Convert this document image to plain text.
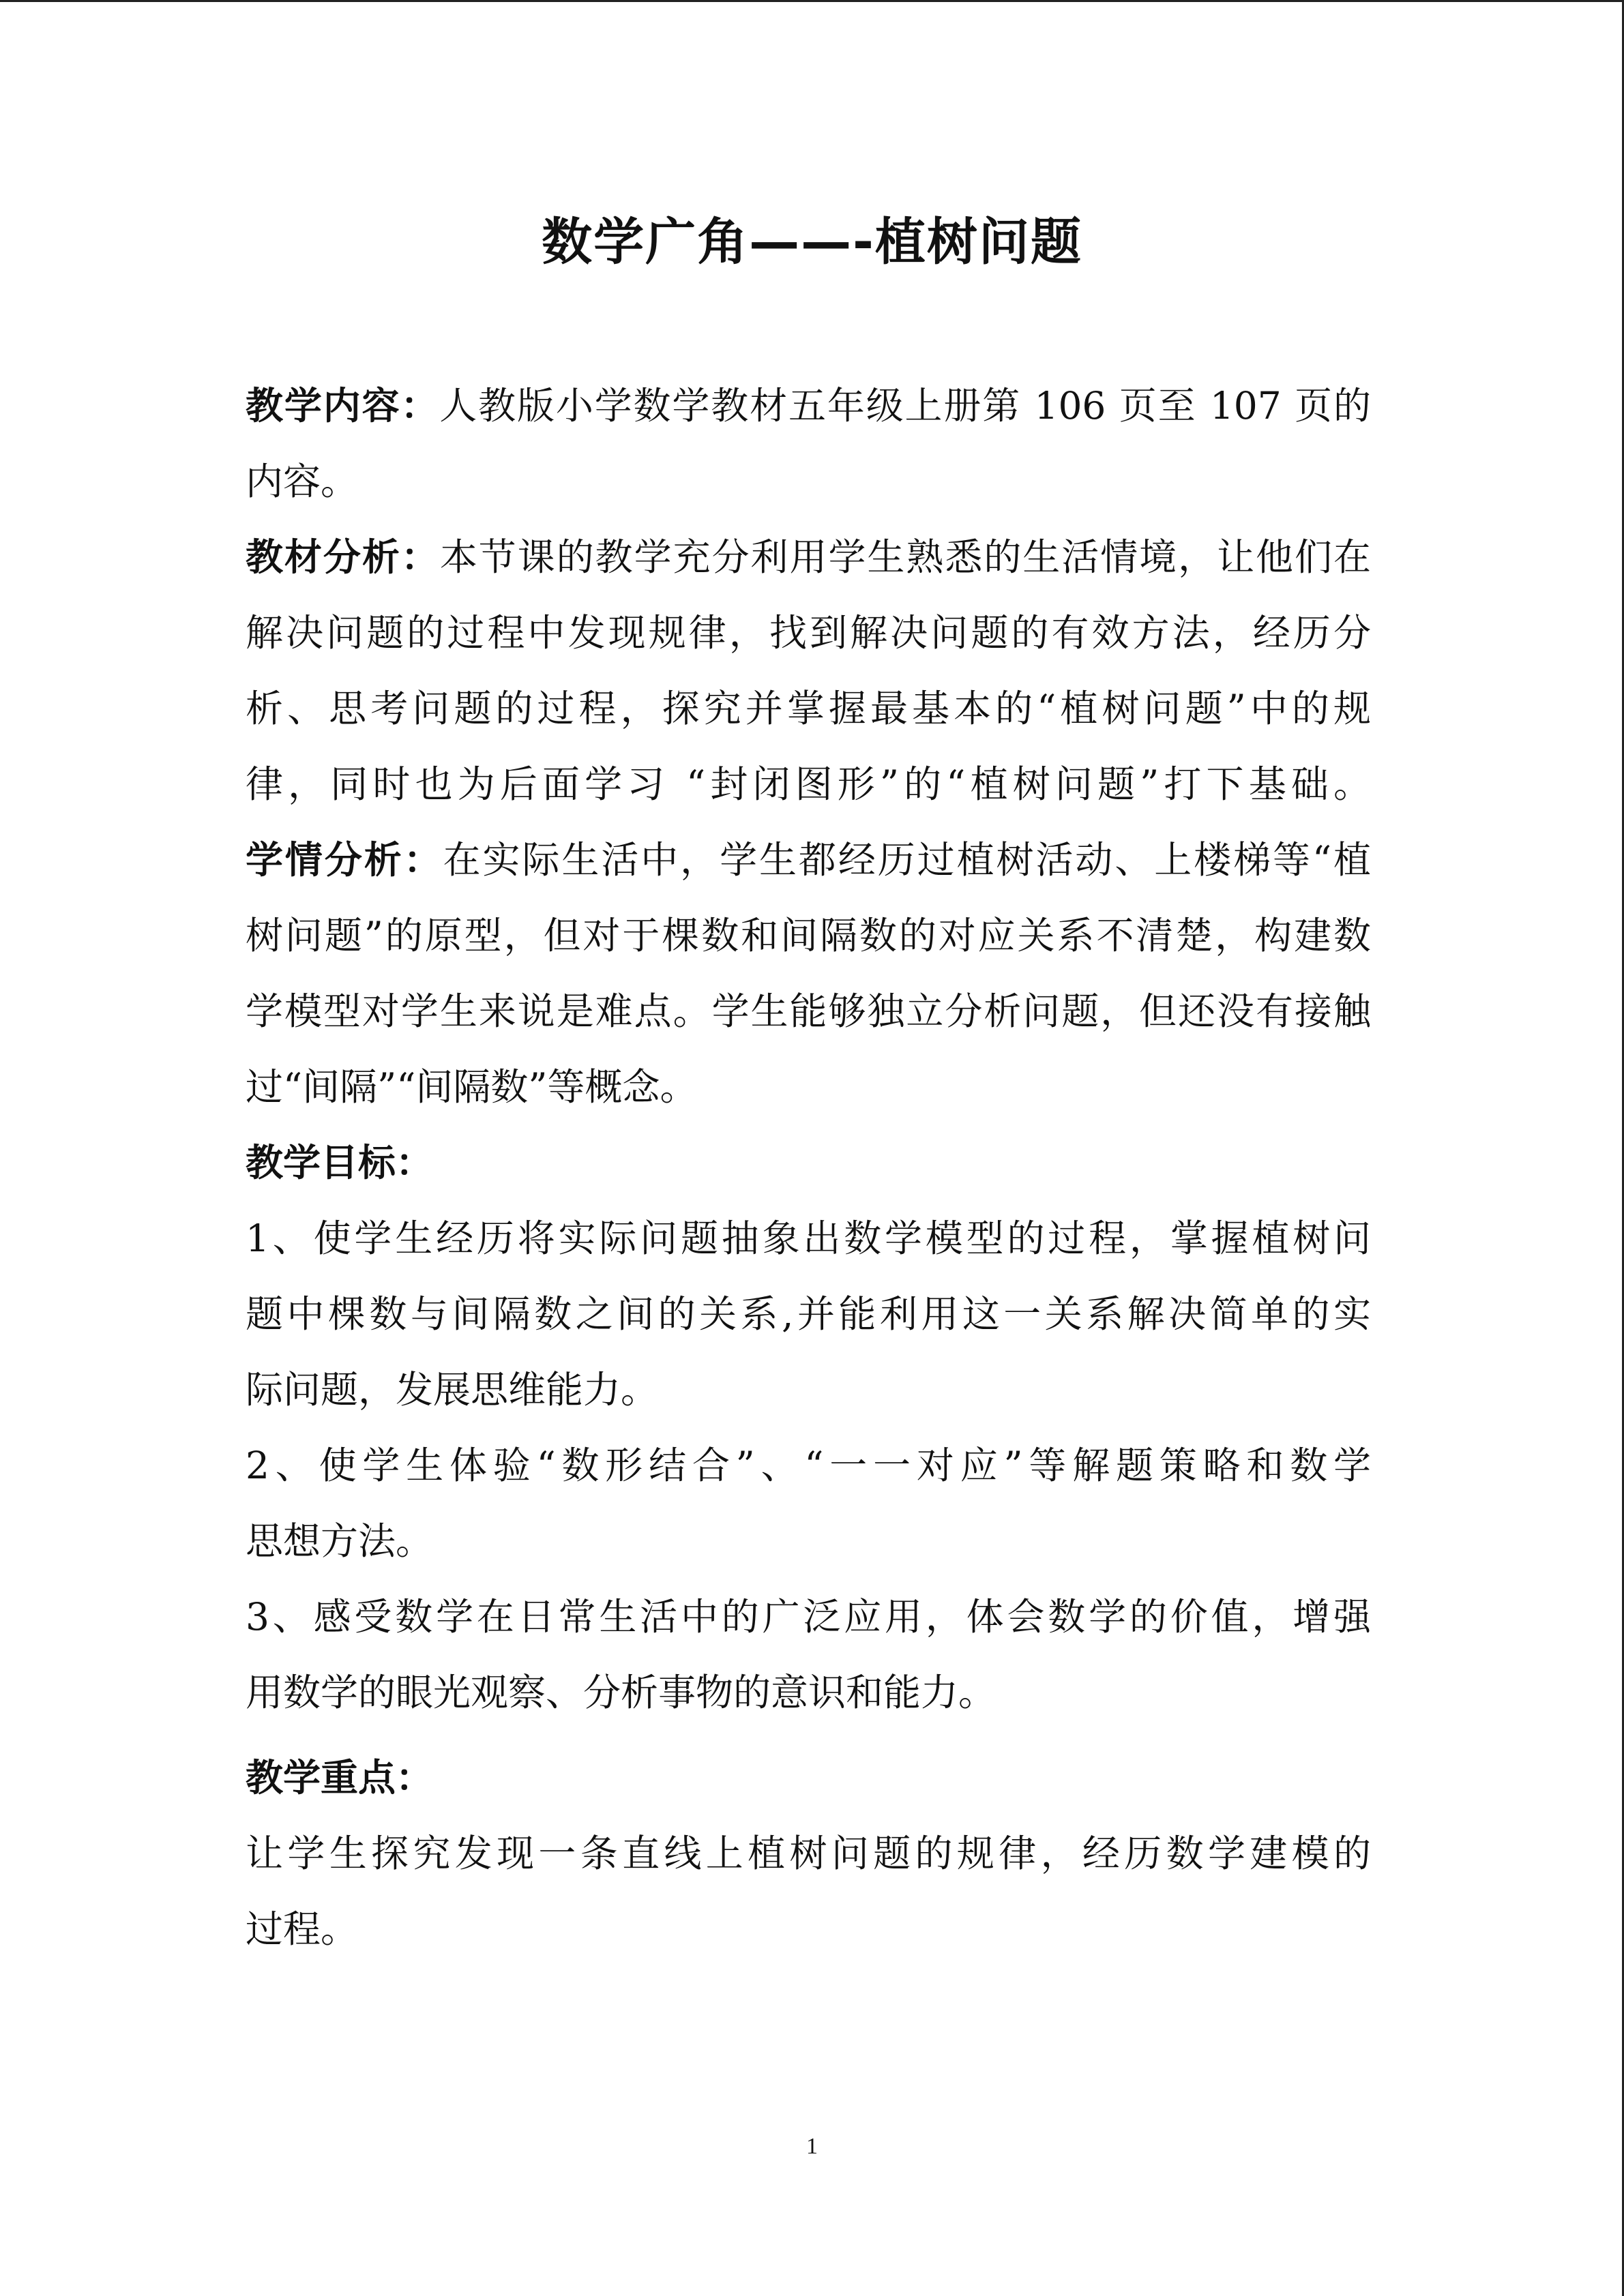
数学广角——-植树问题
教学内容：人教版小学数学教材五年级上册第 106 页至 107 页的
内容。
教材分析：本节课的教学充分利用学生熟悉的生活情境，让他们在
解决问题的过程中发现规律，找到解决问题的有效方法，经历分
析、思考问题的过程，探究并掌握最基本的“植树问题”中的规
律，同时也为后面学习 “封闭图形”的“植树问题”打下基础。
学情分析：在实际生活中，学生都经历过植树活动、上楼梯等“植
树问题”的原型，但对于棵数和间隔数的对应关系不清楚，构建数
学模型对学生来说是难点。学生能够独立分析问题，但还没有接触
过“间隔”“间隔数”等概念。
教学目标：
1、使学生经历将实际问题抽象出数学模型的过程，掌握植树问
题中棵数与间隔数之间的关系,并能利用这一关系解决简单的实
际问题，发展思维能力。
2、使学生体验“数形结合”、“一一对应”等解题策略和数学
思想方法。
3、感受数学在日常生活中的广泛应用，体会数学的价值，增强
用数学的眼光观察、分析事物的意识和能力。
教学重点：
让学生探究发现一条直线上植树问题的规律，经历数学建模的
过程。
1
